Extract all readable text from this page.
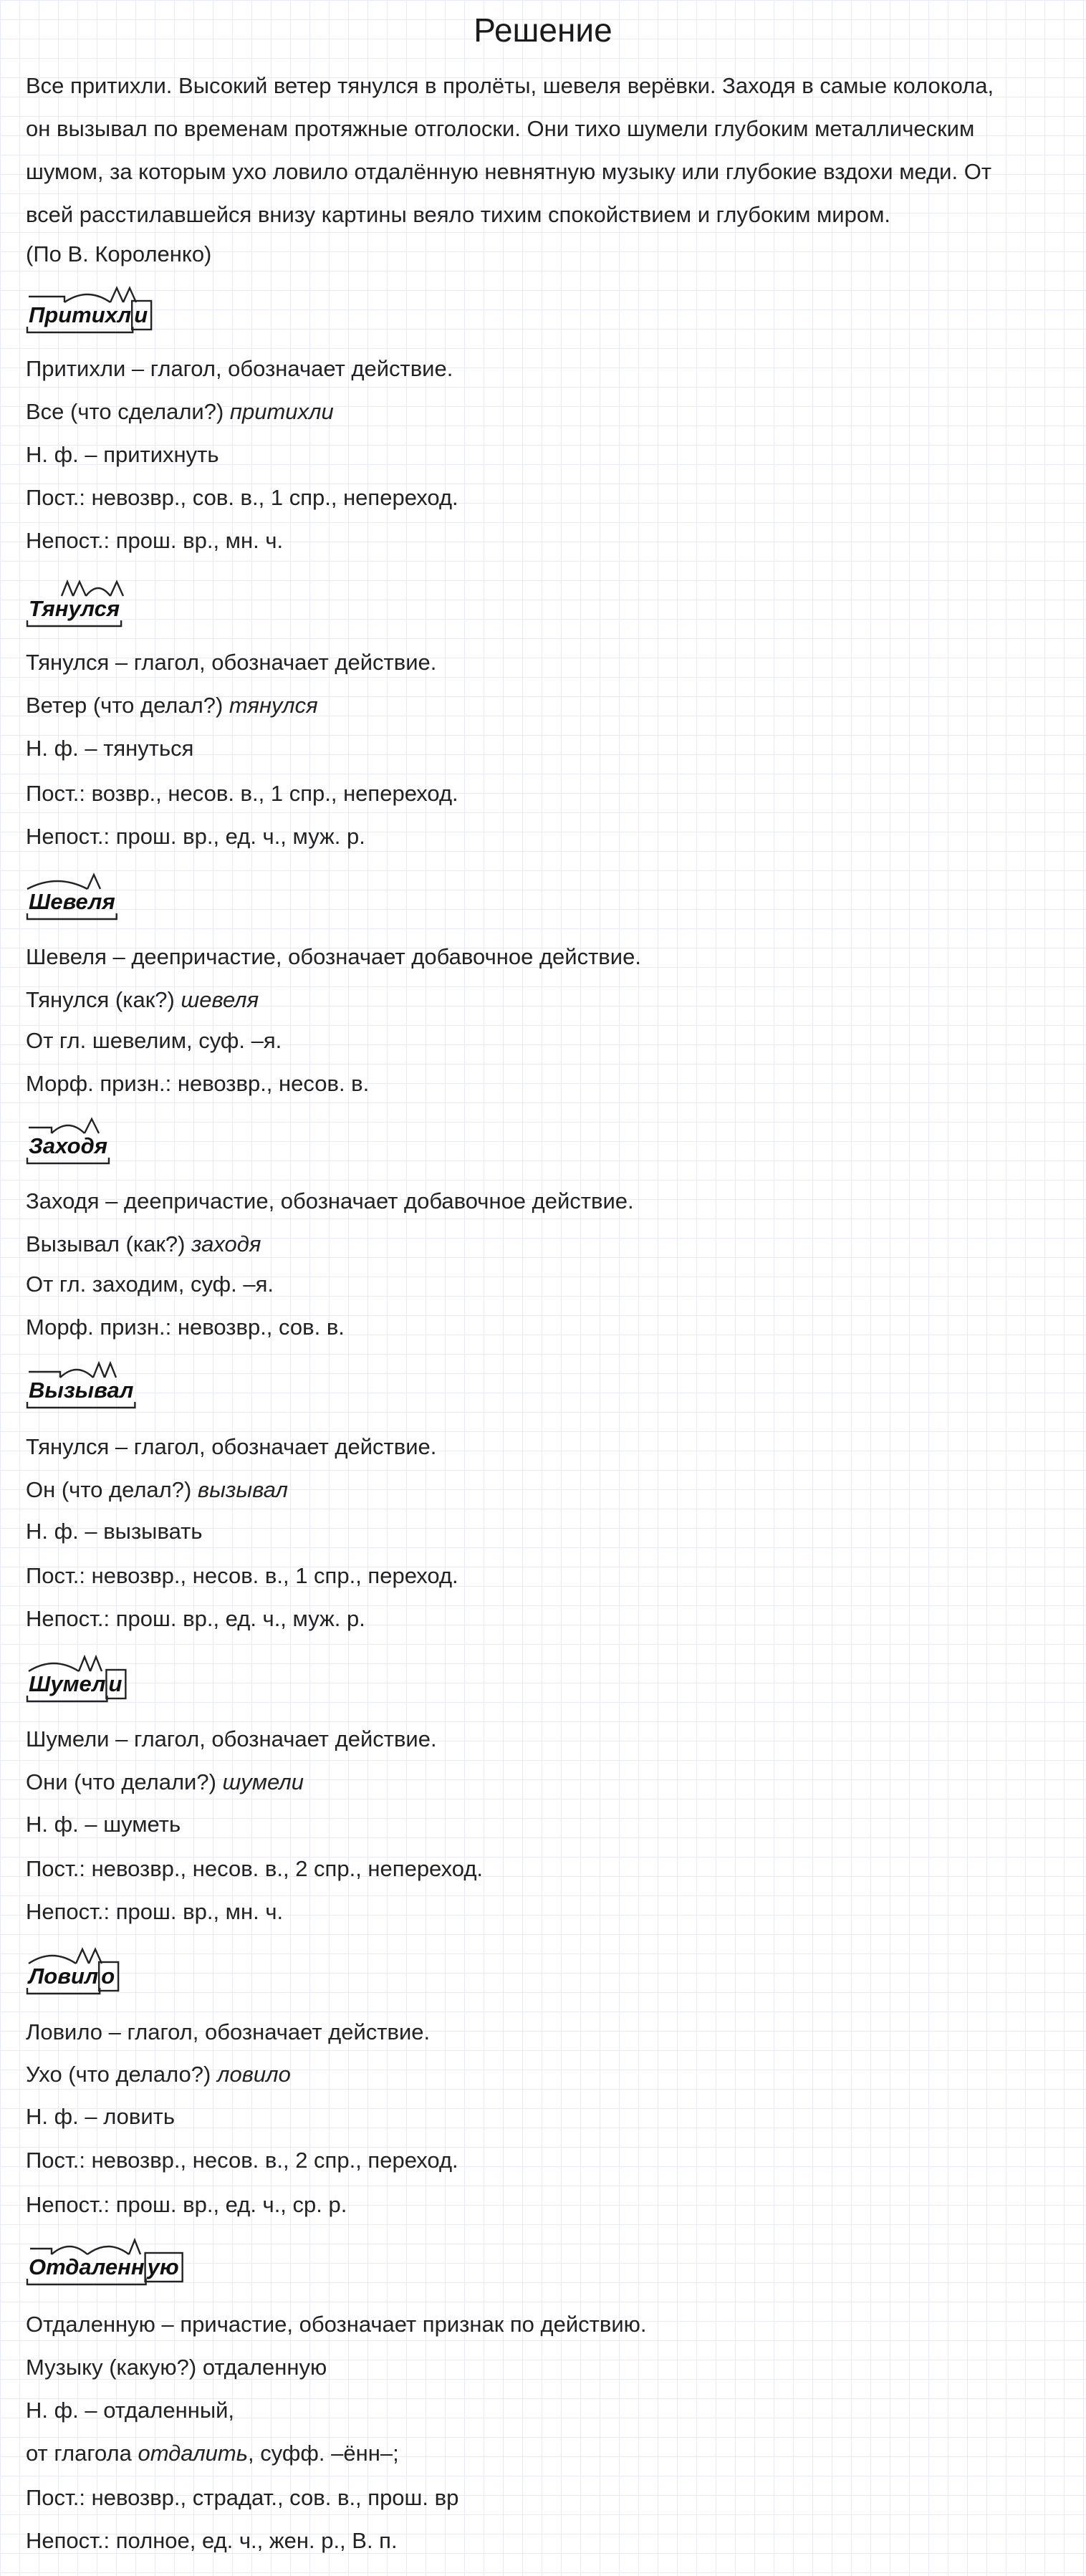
Решение

Все притихли. Высокий ветер тянулся в пролёты, шевеля верёвки. Заходя в самые колокола,

он вызывал по временам протяжные отголоски. Они тихо шумели глубоким металлическим

шумом, за которым ухо ловило отдалённую невнятную музыку или глубокие вздохи меди. От

всей расстилавшейся внизу картины веяло тихим спокойствием и глубоким миром.

(По В. Короленко)
Притихл и
Притихли – глагол, обозначает действие.
Все (что сделали?) притихли
Н. ф. – притихнуть
Пост.: невозвр., сов. в., 1 спр., непереход.
Непост.: прош. вр., мн. ч.
Тянулся
Тянулся – глагол, обозначает действие.
Ветер (что делал?) тянулся
Н. ф. – тянуться
Пост.: возвр., несов. в., 1 спр., непереход.
Непост.: прош. вр., ед. ч., муж. р.
Шевеля
Шевеля – деепричастие, обозначает добавочное действие.
Тянулся (как?) шевеля
От гл. шевелим, суф. –я.
Морф. призн.: невозвр., несов. в.
Заходя
Заходя – деепричастие, обозначает добавочное действие.
Вызывал (как?) заходя
От гл. заходим, суф. –я.
Морф. призн.: невозвр., сов. в.
Вызывал
Тянулся – глагол, обозначает действие.
Он (что делал?) вызывал
Н. ф. – вызывать
Пост.: невозвр., несов. в., 1 спр., переход.
Непост.: прош. вр., ед. ч., муж. р.
Шумел и
Шумели – глагол, обозначает действие.
Они (что делали?) шумели
Н. ф. – шуметь
Пост.: невозвр., несов. в., 2 спр., непереход.
Непост.: прош. вр., мн. ч.
Ловил о
Ловило – глагол, обозначает действие.
Ухо (что делало?) ловило
Н. ф. – ловить
Пост.: невозвр., несов. в., 2 спр., переход.
Непост.: прош. вр., ед. ч., ср. р.
Отдаленн ую
Отдаленную – причастие, обозначает признак по действию.
Музыку (какую?) отдаленную
Н. ф. – отдаленный,
от глагола отдалить, суфф. –ённ–;
Пост.: невозвр., страдат., сов. в., прош. вр
Непост.: полное, ед. ч., жен. р., В. п.
